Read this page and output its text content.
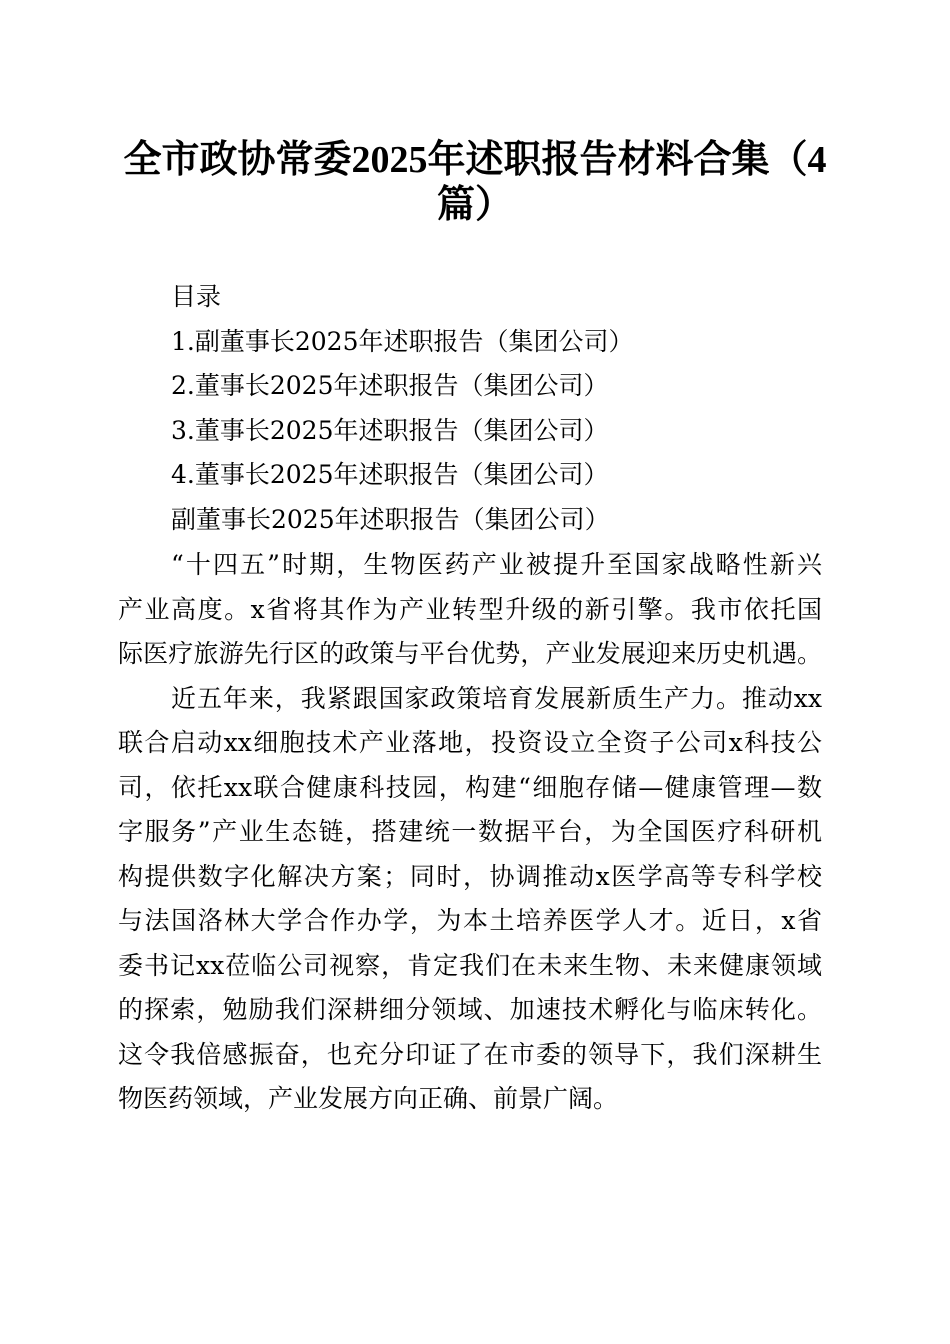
全市政协常委2025年述职报告材料合集（4
篇）
目录
1.副董事长2025年述职报告（集团公司）
2.董事长2025年述职报告（集团公司）
3.董事长2025年述职报告（集团公司）
4.董事长2025年述职报告（集团公司）
副董事长2025年述职报告（集团公司）
“十四五”时期，生物医药产业被提升至国家战略性新兴
产业高度。x省将其作为产业转型升级的新引擎。我市依托国
际医疗旅游先行区的政策与平台优势，产业发展迎来历史机遇。
近五年来，我紧跟国家政策培育发展新质生产力。推动xx
联合启动xx细胞技术产业落地，投资设立全资子公司x科技公
司，依托xx联合健康科技园，构建“细胞存储—健康管理—数
字服务”产业生态链，搭建统一数据平台，为全国医疗科研机
构提供数字化解决方案；同时，协调推动x医学高等专科学校
与法国洛林大学合作办学，为本土培养医学人才。近日，x省
委书记xx莅临公司视察，肯定我们在未来生物、未来健康领域
的探索，勉励我们深耕细分领域、加速技术孵化与临床转化。
这令我倍感振奋，也充分印证了在市委的领导下，我们深耕生
物医药领域，产业发展方向正确、前景广阔。
